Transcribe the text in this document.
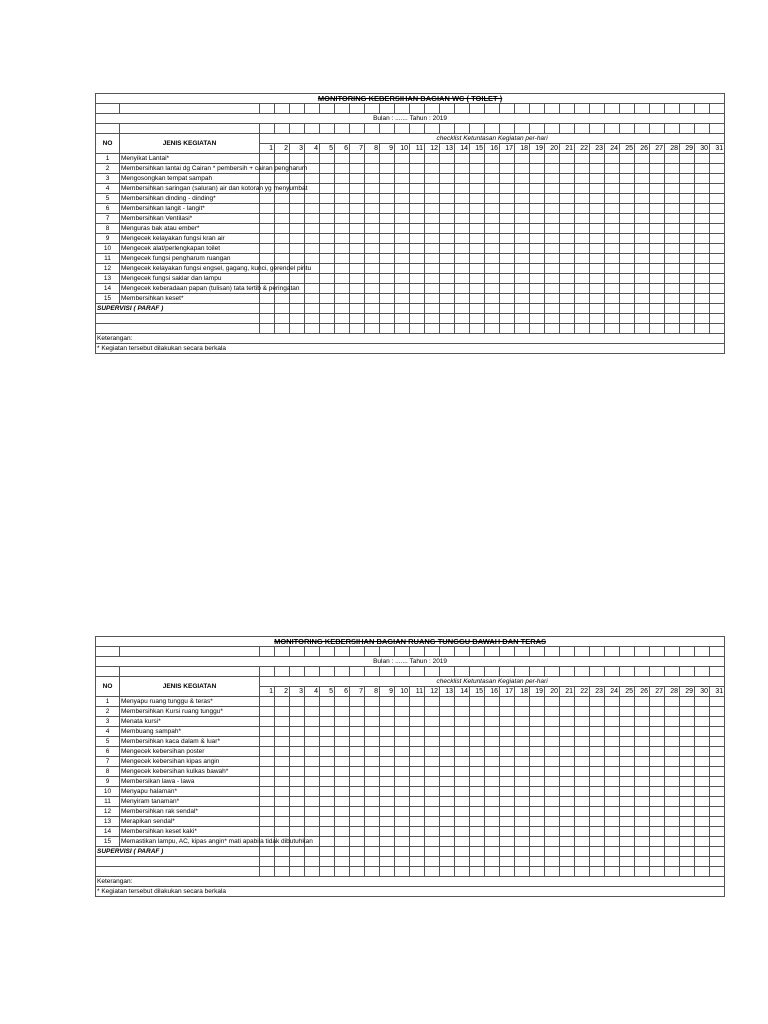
MONITORING KEBERSIHAN BAGIAN WC ( TOILET )																																

Bulan : ....... Tahun : 2019																																

NO	JENIS KEGIATAN	checklist Ketuntasan Kegiatan per-hari																														
		1	2	3	4	5	6	7	8	9	10	11	12	13	14	15	16	17	18	19	20	21	22	23	24	25	26	27	28	29	30	31
1	Menyikat Lantai*																															
2	Membersihkan lantai dg Cairan * pembersih + cairan pengharum																															
3	Mengosongkan tempat sampah																															
4	Membersihkan saringan (saluran) air dan kotoran yg menyumbat																															
5	Membersihkan dinding - dinding*																															
6	Membersihkan langit - langit*																															
7	Membersihkan Ventilasi*																															
8	Menguras bak atau ember*																															
9	Mengecek kelayakan fungsi kran air																															
10	Mengecek alat/perlengkapan toilet																															
11	Mengecek fungsi pengharum ruangan																															
12	Mengecek kelayakan fungsi engsel, gagang, kunci, gerendel pintu																															
13	Mengecek fungsi saklar dan lampu																															
14	Mengecek keberadaan papan (tulisan) tata tertib & peringatan																															
15	Membersihkan keset*																															
SUPERVISI ( PARAF )																																

Keterangan:																																
* Kegiatan tersebut dilakukan secara berkala																																
MONITORING KEBERSIHAN BAGIAN RUANG TUNGGU BAWAH DAN TERAS																																

Bulan : ....... Tahun : 2019																																

NO	JENIS KEGIATAN	checklist Ketuntasan Kegiatan per-hari																														
		1	2	3	4	5	6	7	8	9	10	11	12	13	14	15	16	17	18	19	20	21	22	23	24	25	26	27	28	29	30	31
1	Menyapu ruang tunggu & teras*																															
2	Membersihkan Kursi ruang tunggu*																															
3	Menata kursi*																															
4	Membuang sampah*																															
5	Membersihkan kaca dalam & luar*																															
6	Mengecek kebersihan poster																															
7	Mengecek kebersihan kipas angin																															
8	Mengecek kebersihan kulkas bawah*																															
9	Membersikan lawa - lawa																															
10	Menyapu halaman*																															
11	Menyiram tanaman*																															
12	Membersihkan rak sendal*																															
13	Merapikan sendal*																															
14	Membersihkan keset kaki*																															
15	Memastikan lampu, AC, kipas angin* mati apabila tidak dibutuhkan																															
SUPERVISI ( PARAF )																																

Keterangan:																																
* Kegiatan tersebut dilakukan secara berkala																																
